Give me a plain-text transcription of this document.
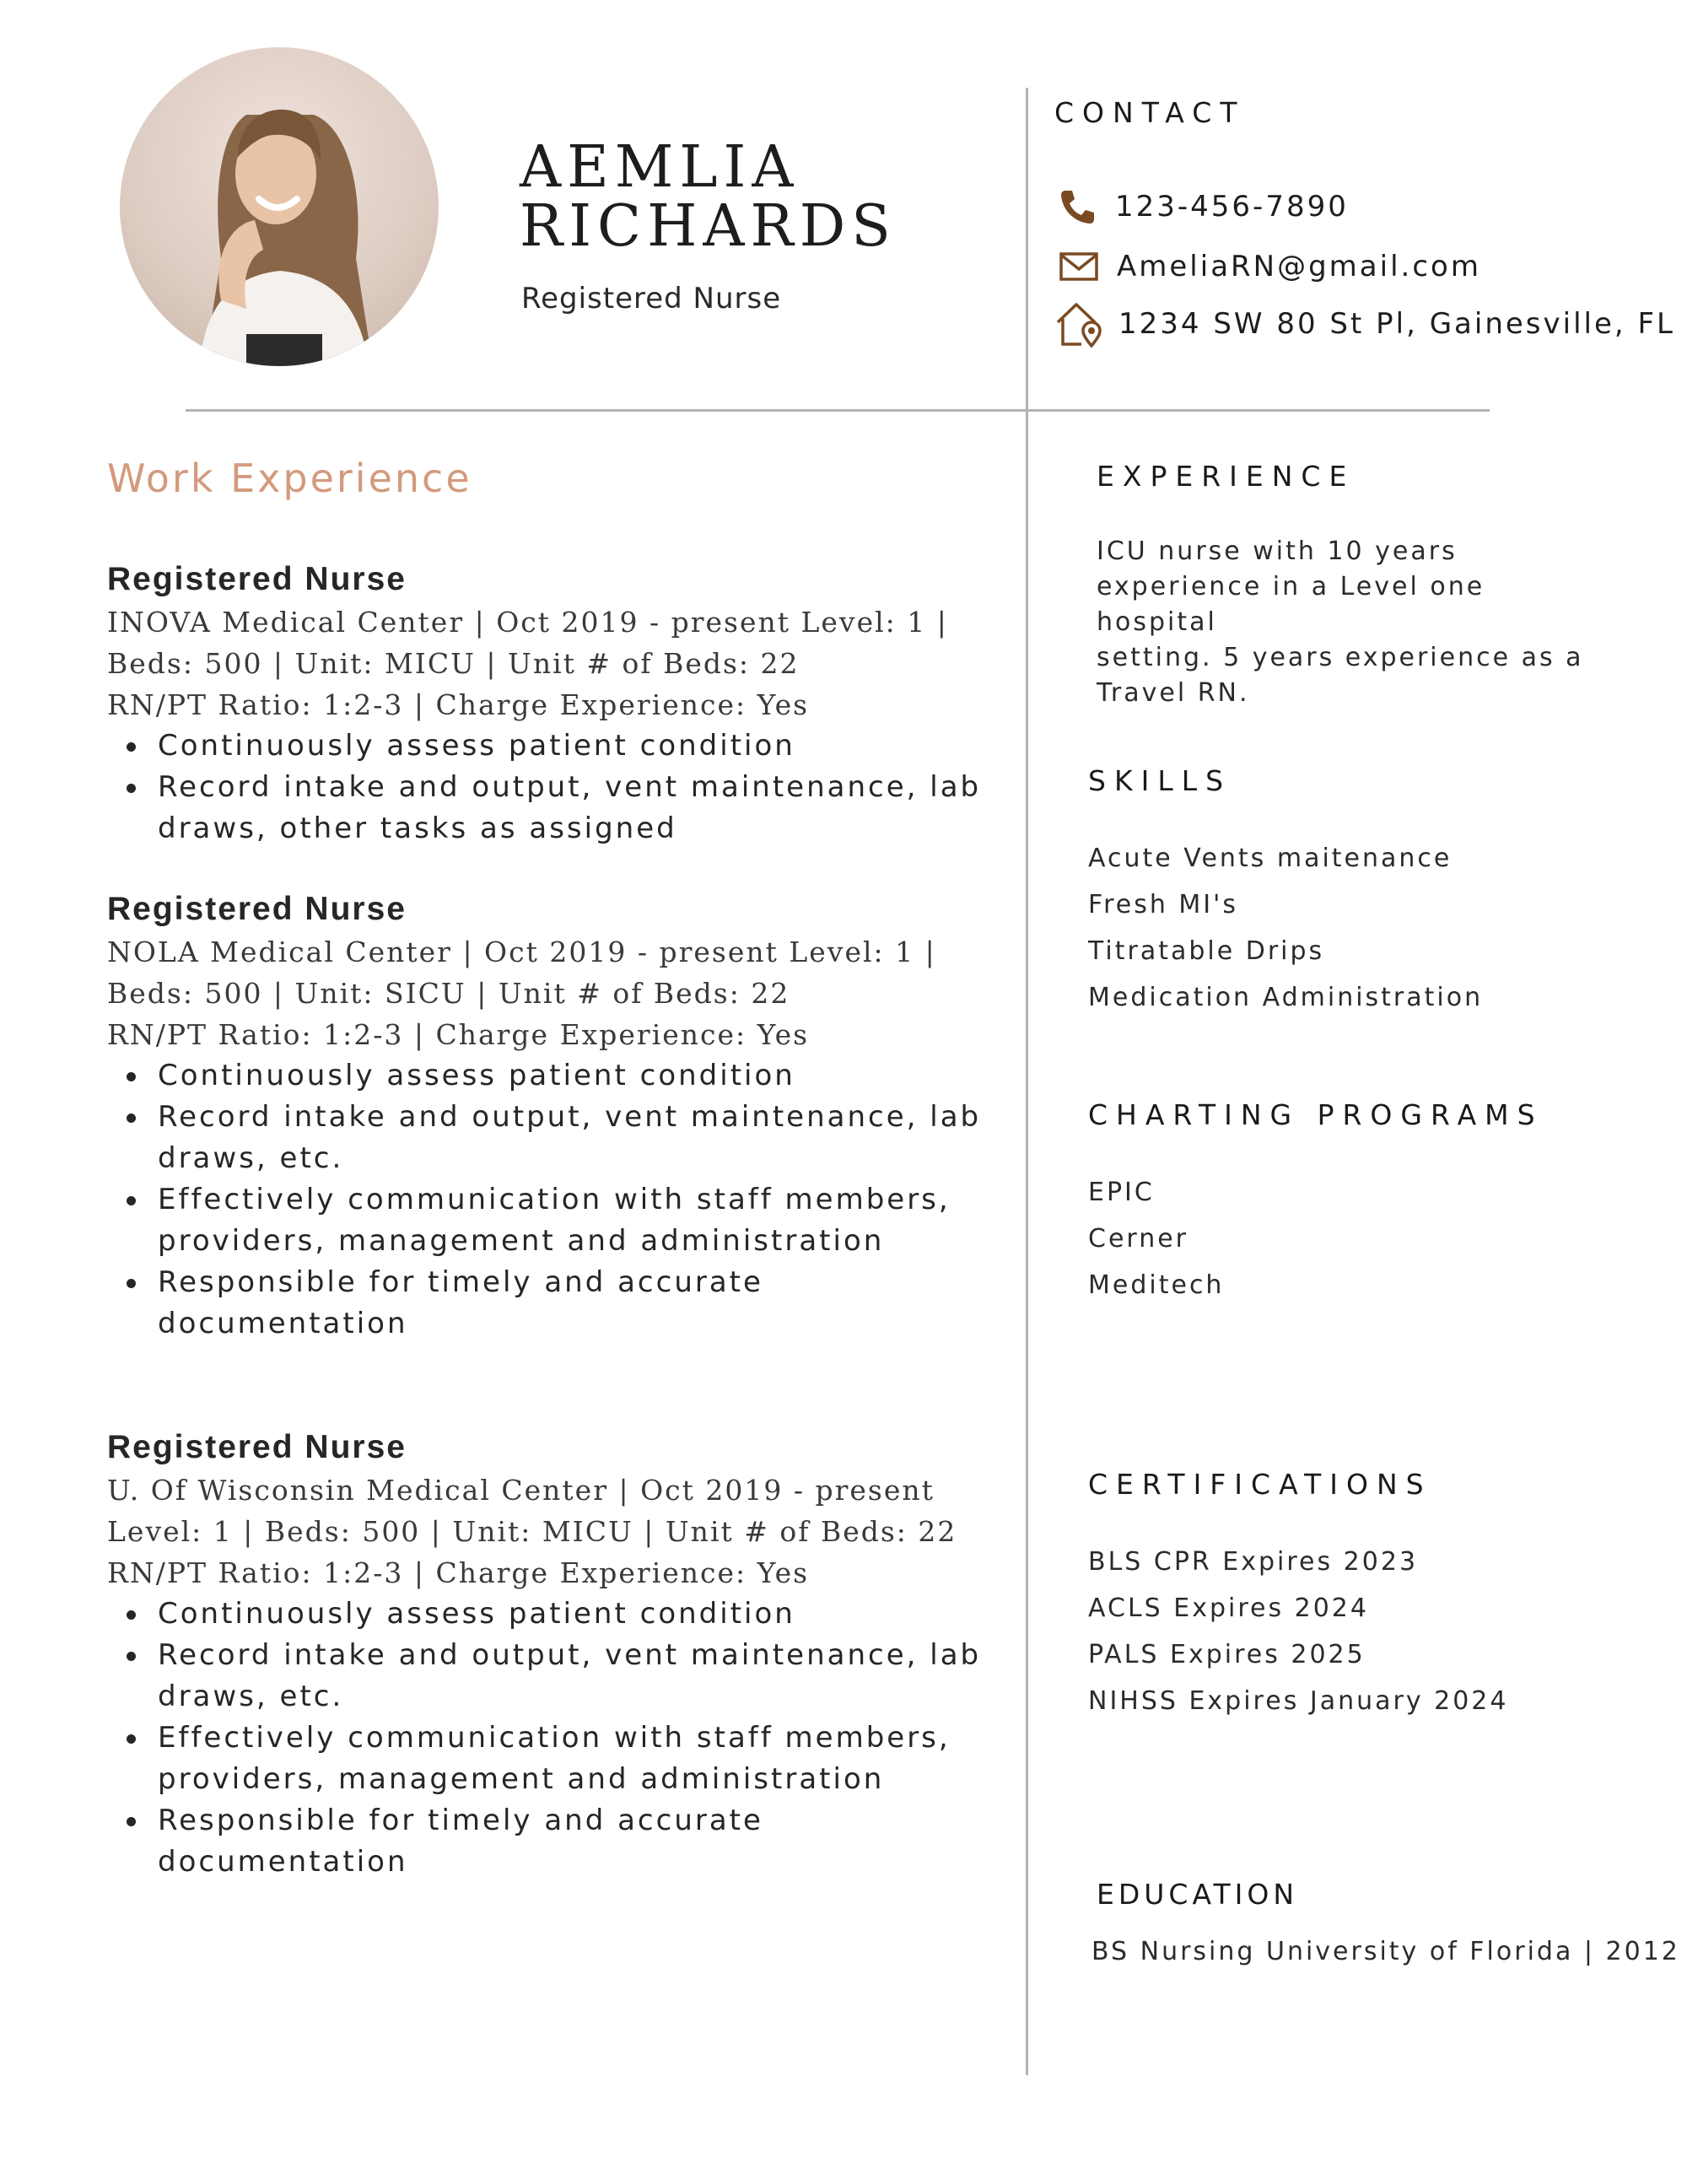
AEMLIA
RICHARDS
Registered Nurse
CONTACT
123-456-7890
AmeliaRN@gmail.com
1234 SW 80 St Pl, Gainesville, FL
EXPERIENCE
ICU nurse with 10 years
experience in a Level one hospital
setting. 5 years experience as a
Travel RN.
SKILLS
Acute Vents maitenance
Fresh MI's
Titratable Drips
Medication Administration
CHARTING PROGRAMS
EPIC
Cerner
Meditech
CERTIFICATIONS
BLS CPR Expires 2023
ACLS Expires 2024
PALS Expires 2025
NIHSS Expires January 2024
EDUCATION
BS Nursing University of Florida | 2012
Work Experience
Registered Nurse
INOVA Medical Center | Oct 2019 - present Level: 1 |
Beds: 500 | Unit: MICU | Unit # of Beds: 22
RN/PT Ratio: 1:2-3 | Charge Experience: Yes
Continuously assess patient condition
Record intake and output, vent maintenance, lab draws, other tasks as assigned
Registered Nurse
NOLA Medical Center | Oct 2019 - present Level: 1 |
Beds: 500 | Unit: SICU | Unit # of Beds: 22
RN/PT Ratio: 1:2-3 | Charge Experience: Yes
Continuously assess patient condition
Record intake and output, vent maintenance, lab draws, etc.
Effectively communication with staff members, providers, management and administration
Responsible for timely and accurate documentation
Registered Nurse
U. Of Wisconsin Medical Center | Oct 2019 - present
Level: 1 | Beds: 500 | Unit: MICU | Unit # of Beds: 22
RN/PT Ratio: 1:2-3 | Charge Experience: Yes
Continuously assess patient condition
Record intake and output, vent maintenance, lab draws, etc.
Effectively communication with staff members, providers, management and administration
Responsible for timely and accurate documentation
